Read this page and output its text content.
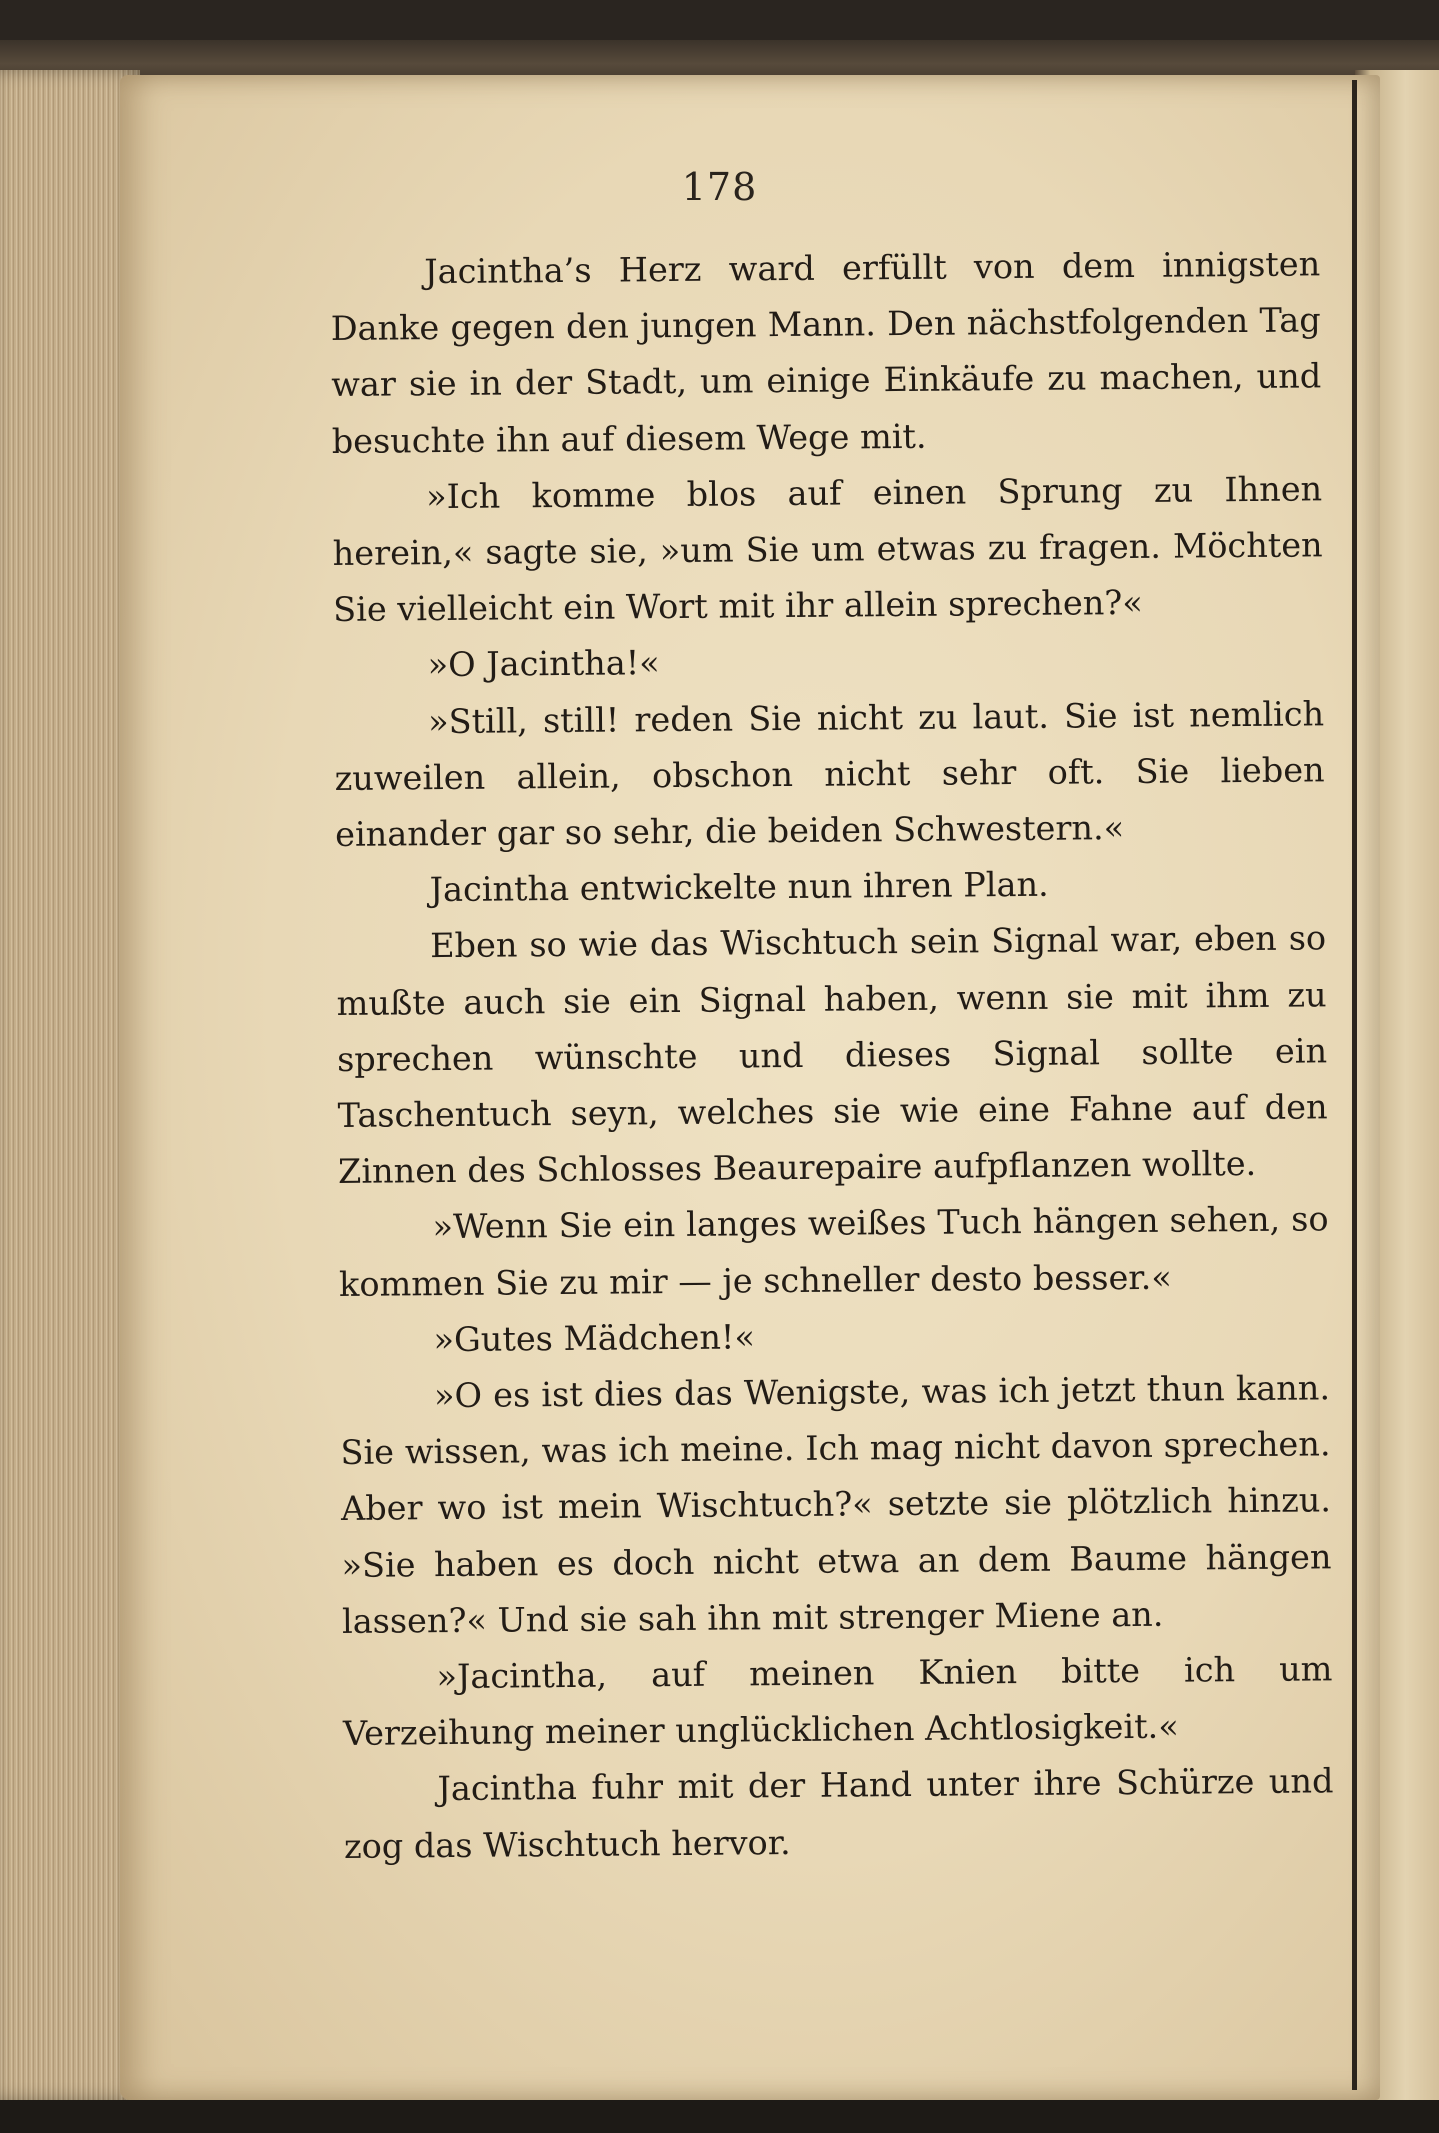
178

Jacintha’s Herz ward erfüllt von dem innigsten Danke gegen den jungen Mann. Den nächstfolgenden Tag war sie in der Stadt, um einige Einkäufe zu machen, und besuchte ihn auf diesem Wege mit.

»Ich komme blos auf einen Sprung zu Ihnen herein,« sagte sie, »um Sie um etwas zu fragen. Möchten Sie vielleicht ein Wort mit ihr allein sprechen?«

»O Jacintha!«

»Still, still! reden Sie nicht zu laut. Sie ist nemlich zuweilen allein, obschon nicht sehr oft. Sie lieben einander gar so sehr, die beiden Schwestern.«

Jacintha entwickelte nun ihren Plan.

Eben so wie das Wischtuch sein Signal war, eben so mußte auch sie ein Signal haben, wenn sie mit ihm zu sprechen wünschte und dieses Signal sollte ein Taschentuch seyn, welches sie wie eine Fahne auf den Zinnen des Schlosses Beaurepaire aufpflanzen wollte.

»Wenn Sie ein langes weißes Tuch hängen sehen, so kommen Sie zu mir — je schneller desto besser.«

»Gutes Mädchen!«

»O es ist dies das Wenigste, was ich jetzt thun kann. Sie wissen, was ich meine. Ich mag nicht davon sprechen. Aber wo ist mein Wischtuch?« setzte sie plötzlich hinzu. »Sie haben es doch nicht etwa an dem Baume hängen lassen?« Und sie sah ihn mit strenger Miene an.

»Jacintha, auf meinen Knien bitte ich um Verzeihung meiner unglücklichen Achtlosigkeit.«

Jacintha fuhr mit der Hand unter ihre Schürze und zog das Wischtuch hervor.
